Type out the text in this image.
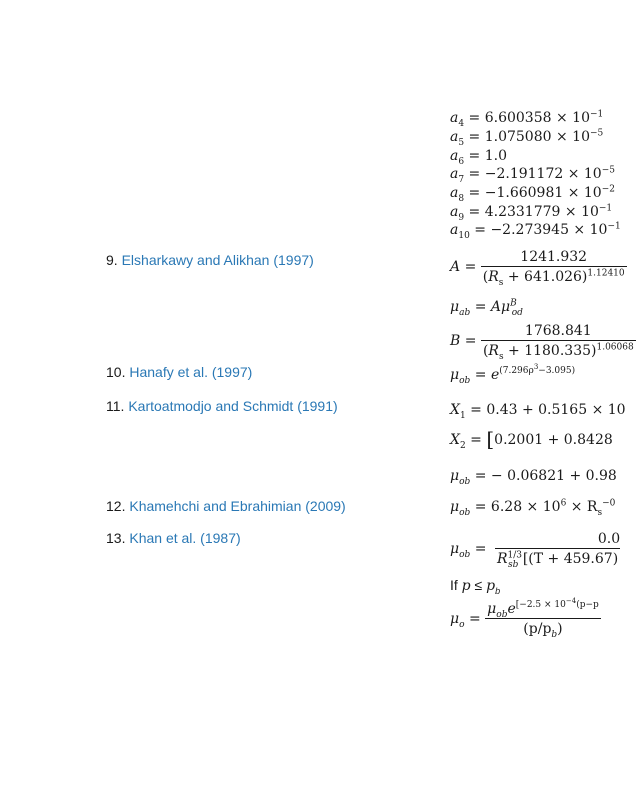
9. Elsharkawy and Alikhan (1997)
10. Hanafy et al. (1997)
11. Kartoatmodjo and Schmidt (1991)
12. Khamehchi and Ebrahimian (2009)
13. Khan et al. (1987)
$a_4 = 6.600358 \times 10^{-1}$
$a_5 = 1.075080 \times 10^{-5}$
$a_6 = 1.0$
$a_7 = -2.191172 \times 10^{-5}$
$a_8 = -1.660981 \times 10^{-2}$
$a_9 = 4.2331779 \times 10^{-1}$
$a_{10} = -2.273945 \times 10^{-1}$
$A = \frac{1241.932}{(R_s + 641.026)^{1.12410}}$
$\mu_{ab} = A\mu^B_{od}$
$B = \frac{1768.841}{(R_s + 1180.335)^{1.06068}}$
$\mu_{ob} = e^{(7.296\rho^3-3.095)}$
$X_1 = 0.43 + 0.5165 \times 10$
$X_2 = [0.2001 + 0.8428$
$\mu_{ob}$ = − 0.06821 + 0.98
$\mu_{ob} = 6.28 \times 10^6 \times R_s^{-0}$
$\mu_{ob} = \frac{0.0}{R^{1/3}_{sb} [(T + 459.67)}$
If $p \le p_b$
$\mu_o = \frac{\mu_{ob}e^{[-2.5 \times 10^{-4}(p-p}}{(p/p_b)}$
